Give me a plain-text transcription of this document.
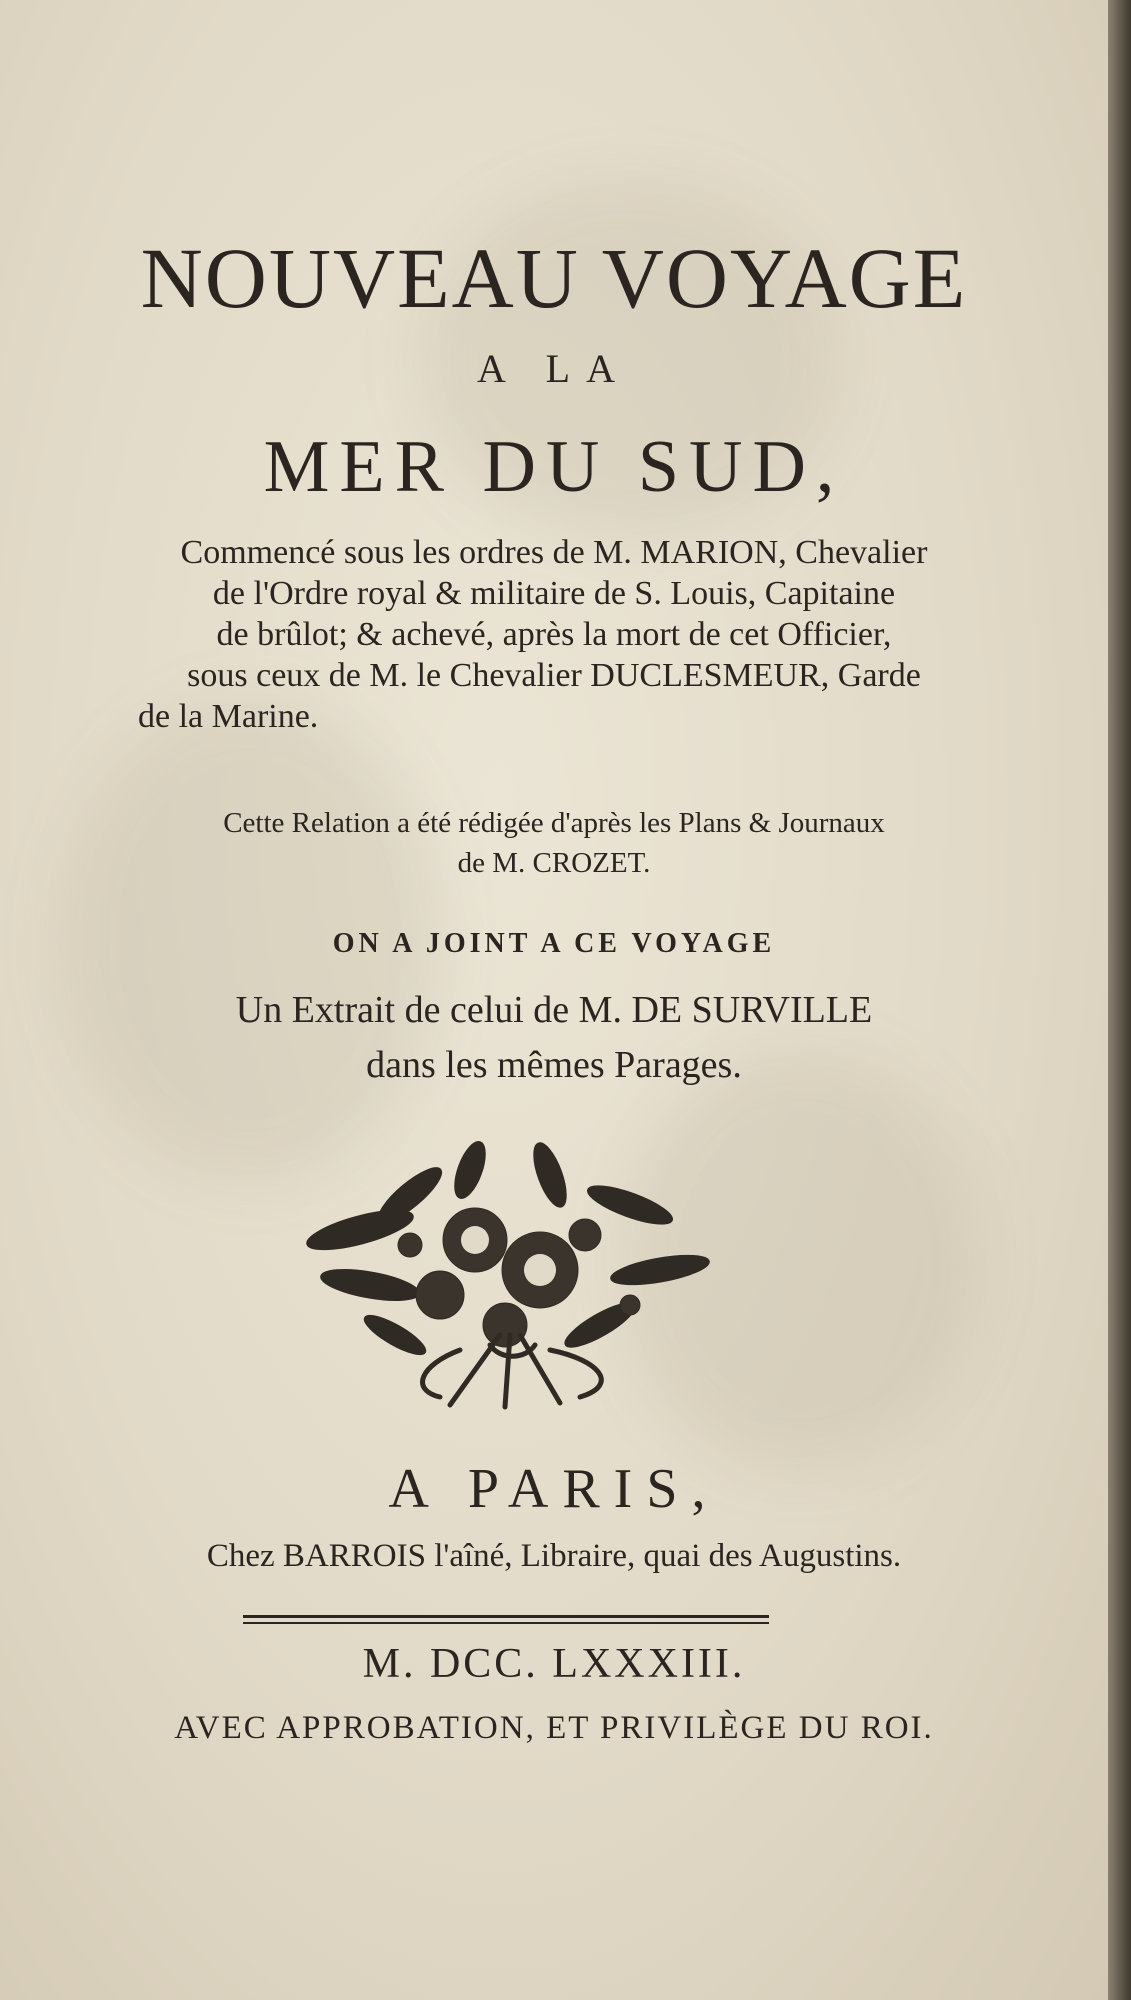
NOUVEAU VOYAGE
A LA
MER DU SUD,
Commencé sous les ordres de M. MARION, Chevalier
de l'Ordre royal & militaire de S. Louis, Capitaine
de brûlot; & achevé, après la mort de cet Officier,
sous ceux de M. le Chevalier DUCLESMEUR, Garde
de la Marine.
Cette Relation a été rédigée d'après les Plans & Journaux
de M. CROZET.
ON A JOINT A CE VOYAGE
Un Extrait de celui de M. DE SURVILLE
dans les mêmes Parages.
A PARIS,
Chez BARROIS l'aîné, Libraire, quai des Augustins.
M. DCC. LXXXIII.
AVEC APPROBATION, ET PRIVILÈGE DU ROI.
